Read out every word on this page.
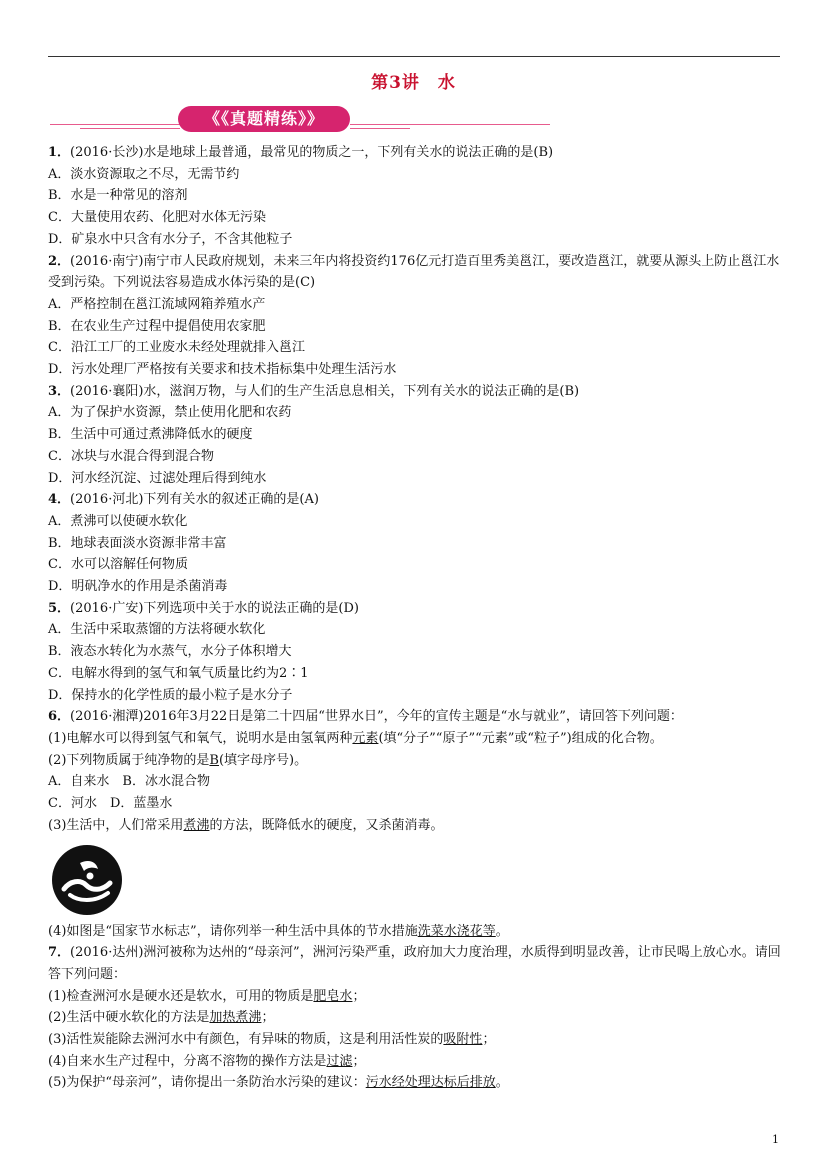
第3讲　水
《《真题精练》》

1．(2016·长沙)水是地球上最普通，最常见的物质之一，下列有关水的说法正确的是(B)

A．淡水资源取之不尽，无需节约

B．水是一种常见的溶剂

C．大量使用农药、化肥对水体无污染

D．矿泉水中只含有水分子，不含其他粒子

2．(2016·南宁)南宁市人民政府规划，未来三年内将投资约176亿元打造百里秀美邕江，要改造邕江，就要从源头上防止邕江水受到污染。下列说法容易造成水体污染的是(C)

A．严格控制在邕江流域网箱养殖水产

B．在农业生产过程中提倡使用农家肥

C．沿江工厂的工业废水未经处理就排入邕江

D．污水处理厂严格按有关要求和技术指标集中处理生活污水

3．(2016·襄阳)水，滋润万物，与人们的生产生活息息相关，下列有关水的说法正确的是(B)

A．为了保护水资源，禁止使用化肥和农药

B．生活中可通过煮沸降低水的硬度

C．冰块与水混合得到混合物

D．河水经沉淀、过滤处理后得到纯水

4．(2016·河北)下列有关水的叙述正确的是(A)

A．煮沸可以使硬水软化

B．地球表面淡水资源非常丰富

C．水可以溶解任何物质

D．明矾净水的作用是杀菌消毒

5．(2016·广安)下列选项中关于水的说法正确的是(D)

A．生活中采取蒸馏的方法将硬水软化

B．液态水转化为水蒸气，水分子体积增大

C．电解水得到的氢气和氧气质量比约为2∶1

D．保持水的化学性质的最小粒子是水分子

6．(2016·湘潭)2016年3月22日是第二十四届“世界水日”，今年的宣传主题是“水与就业”，请回答下列问题：

(1)电解水可以得到氢气和氧气，说明水是由氢氧两种元素(填“分子”“原子”“元素”或“粒子”)组成的化合物。

(2)下列物质属于纯净物的是B(填字母序号)。

A．自来水　B．冰水混合物

C．河水　D．蓝墨水

(3)生活中，人们常采用煮沸的方法，既降低水的硬度，又杀菌消毒。

(4)如图是“国家节水标志”，请你列举一种生活中具体的节水措施洗菜水浇花等。

7．(2016·达州)洲河被称为达州的“母亲河”，洲河污染严重，政府加大力度治理，水质得到明显改善，让市民喝上放心水。请回答下列问题：

(1)检查洲河水是硬水还是软水，可用的物质是肥皂水；

(2)生活中硬水软化的方法是加热煮沸；

(3)活性炭能除去洲河水中有颜色，有异味的物质，这是利用活性炭的吸附性；

(4)自来水生产过程中，分离不溶物的操作方法是过滤；

(5)为保护“母亲河”，请你提出一条防治水污染的建议：污水经处理达标后排放。

1
